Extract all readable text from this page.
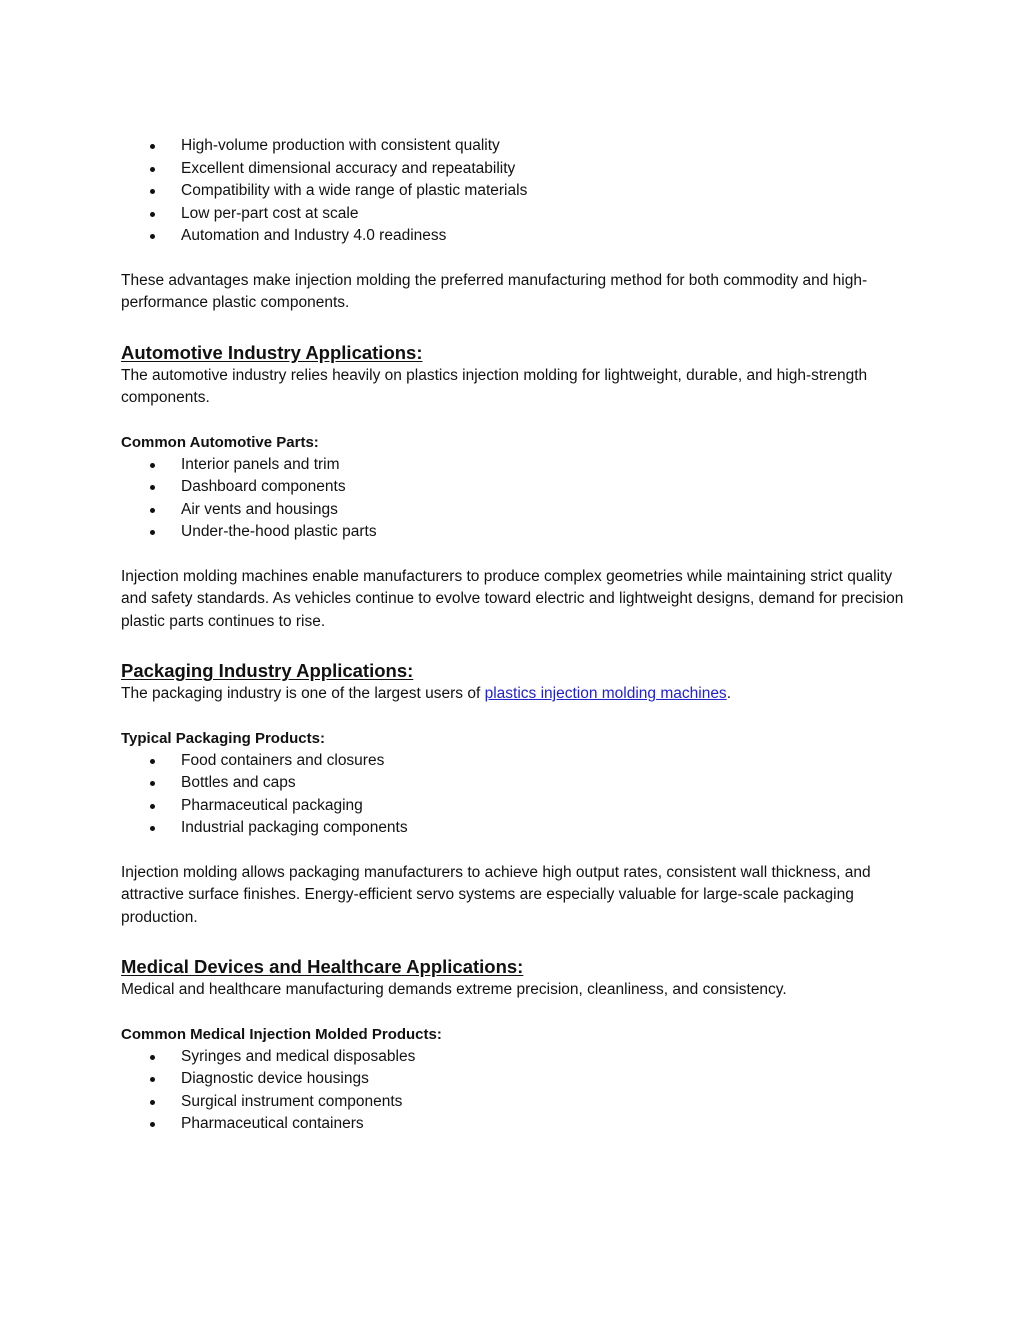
High-volume production with consistent quality
Excellent dimensional accuracy and repeatability
Compatibility with a wide range of plastic materials
Low per-part cost at scale
Automation and Industry 4.0 readiness

These advantages make injection molding the preferred manufacturing method for both commodity and high-performance plastic components.

Automotive Industry Applications:

The automotive industry relies heavily on plastics injection molding for lightweight, durable, and high-strength components.

Common Automotive Parts:

Interior panels and trim
Dashboard components
Air vents and housings
Under-the-hood plastic parts

Injection molding machines enable manufacturers to produce complex geometries while maintaining strict quality and safety standards. As vehicles continue to evolve toward electric and lightweight designs, demand for precision plastic parts continues to rise.

Packaging Industry Applications:

The packaging industry is one of the largest users of plastics injection molding machines.

Typical Packaging Products:

Food containers and closures
Bottles and caps
Pharmaceutical packaging
Industrial packaging components

Injection molding allows packaging manufacturers to achieve high output rates, consistent wall thickness, and attractive surface finishes. Energy-efficient servo systems are especially valuable for large-scale packaging production.

Medical Devices and Healthcare Applications:

Medical and healthcare manufacturing demands extreme precision, cleanliness, and consistency.

Common Medical Injection Molded Products:

Syringes and medical disposables
Diagnostic device housings
Surgical instrument components
Pharmaceutical containers
